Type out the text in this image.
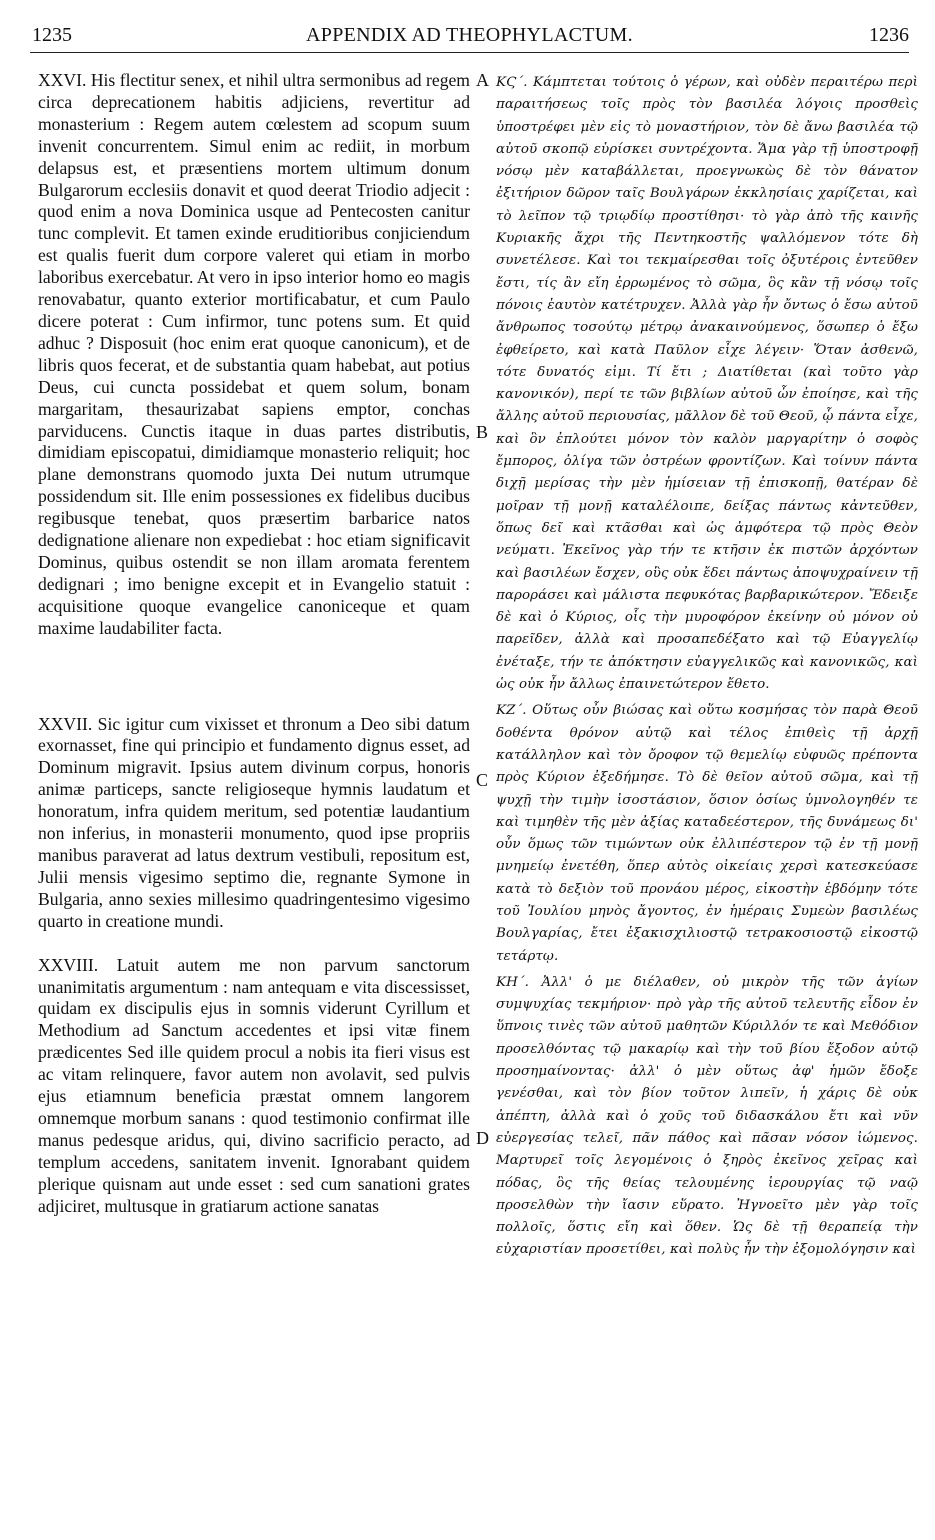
1235	APPENDIX AD THEOPHYLACTUM.	1236

XXVI. His flectitur senex, et nihil ultra sermonibus ad regem circa deprecationem habitis adjiciens, revertitur ad monasterium : Regem autem cœlestem ad scopum suum invenit concurrentem. Simul enim ac rediit, in morbum delapsus est, et præsentiens mortem ultimum donum Bulgarorum ecclesiis donavit et quod deerat Triodio adjecit : quod enim a nova Dominica usque ad Pentecosten canitur tunc complevit. Et tamen exinde eruditioribus conjiciendum est qualis fuerit dum corpore valeret qui etiam in morbo laboribus exercebatur. At vero in ipso interior homo eo magis renovabatur, quanto exterior mortificabatur, et cum Paulo dicere poterat : Cum infirmor, tunc potens sum. Et quid adhuc ? Disposuit (hoc enim erat quoque canonicum), et de libris quos fecerat, et de substantia quam habebat, aut potius Deus, cui cuncta possidebat et quem solum, bonam margaritam, thesaurizabat sapiens emptor, conchas parviducens. Cunctis itaque in duas partes distributis, dimidiam episcopatui, dimidiamque monasterio reliquit; hoc plane demonstrans quomodo juxta Dei nutum utrumque possidendum sit. Ille enim possessiones ex fidelibus ducibus regibusque tenebat, quos præsertim barbarice natos dedignatione alienare non expediebat : hoc etiam significavit Dominus, quibus ostendit se non illam aromata ferentem dedignari ; imo benigne excepit et in Evangelio statuit : acquisitione quoque evangelice canoniceque et quam maxime laudabiliter facta.

XXVII. Sic igitur cum vixisset et thronum a Deo sibi datum exornasset, fine qui principio et fundamento dignus esset, ad Dominum migravit. Ipsius autem divinum corpus, honoris animæ particeps, sancte religioseque hymnis laudatum et honoratum, infra quidem meritum, sed potentiæ laudantium non inferius, in monasterii monumento, quod ipse propriis manibus paraverat ad latus dextrum vestibuli, repositum est, Julii mensis vigesimo septimo die, regnante Symone in Bulgaria, anno sexies millesimo quadringentesimo vigesimo quarto in creatione mundi.

XXVIII. Latuit autem me non parvum sanctorum unanimitatis argumentum : nam antequam e vita discessisset, quidam ex discipulis ejus in somnis viderunt Cyrillum et Methodium ad Sanctum accedentes et ipsi vitæ finem prædicentes Sed ille quidem procul a nobis ita fieri visus est ac vitam relinquere, favor autem non avolavit, sed pulvis ejus etiamnum beneficia præstat omnem langorem omnemque morbum sanans : quod testimonio confirmat ille manus pedesque aridus, qui, divino sacrificio peracto, ad templum accedens, sanitatem invenit. Ignorabant quidem plerique quisnam aut unde esset : sed cum sanationi grates adjiciret, multusque in gratiarum actione sanatas

A
B
C
D

ΚϚ΄. Κάμπτεται τούτοις ὁ γέρων, καὶ οὐδὲν περαιτέρω περὶ παραιτήσεως τοῖς πρὸς τὸν βασιλέα λόγοις προσθεὶς ὑποστρέφει μὲν εἰς τὸ μοναστήριον, τὸν δὲ ἄνω βασιλέα τῷ αὐτοῦ σκοπῷ εὑρίσκει συντρέχοντα. Ἅμα γὰρ τῇ ὑποστροφῇ νόσῳ μὲν καταβάλλεται, προεγνωκὼς δὲ τὸν θάνατον ἐξιτήριον δῶρον ταῖς Βουλγάρων ἐκκλησίαις χαρίζεται, καὶ τὸ λεῖπον τῷ τριῳδίῳ προστίθησι· τὸ γὰρ ἀπὸ τῆς καινῆς Κυριακῆς ἄχρι τῆς Πεντηκοστῆς ψαλλόμενον τότε δὴ συνετέλεσε. Καὶ τοι τεκμαίρεσθαι τοῖς ὀξυτέροις ἐντεῦθεν ἔστι, τίς ἂν εἴη ἐρρωμένος τὸ σῶμα, ὃς κἂν τῇ νόσῳ τοῖς πόνοις ἑαυτὸν κατέτρυχεν. Ἀλλὰ γὰρ ἦν ὄντως ὁ ἔσω αὐτοῦ ἄνθρωπος τοσούτῳ μέτρῳ ἀνακαινούμενος, ὅσωπερ ὁ ἔξω ἐφθείρετο, καὶ κατὰ Παῦλον εἶχε λέγειν· Ὅταν ἀσθενῶ, τότε δυνατός εἰμι. Τί ἔτι ; Διατίθεται (καὶ τοῦτο γὰρ κανονικόν), περί τε τῶν βιβλίων αὐτοῦ ὧν ἐποίησε, καὶ τῆς ἄλλης αὐτοῦ περιουσίας, μᾶλλον δὲ τοῦ Θεοῦ, ᾧ πάντα εἶχε, καὶ ὃν ἐπλούτει μόνον τὸν καλὸν μαργαρίτην ὁ σοφὸς ἔμπορος, ὀλίγα τῶν ὀστρέων φροντίζων. Καὶ τοίνυν πάντα διχῇ μερίσας τὴν μὲν ἡμίσειαν τῇ ἐπισκοπῇ, θατέραν δὲ μοῖραν τῇ μονῇ καταλέλοιπε, δείξας πάντως κἀντεῦθεν, ὅπως δεῖ καὶ κτᾶσθαι καὶ ὡς ἀμφότερα τῷ πρὸς Θεὸν νεύματι. Ἐκεῖνος γὰρ τήν τε κτῆσιν ἐκ πιστῶν ἀρχόντων καὶ βασιλέων ἔσχεν, οὓς οὐκ ἔδει πάντως ἀποψυχραίνειν τῇ παροράσει καὶ μάλιστα πεφυκότας βαρβαρικώτερον. Ἔδειξε δὲ καὶ ὁ Κύριος, οἷς τὴν μυροφόρον ἐκείνην οὐ μόνον οὐ παρεῖδεν, ἀλλὰ καὶ προσαπεδέξατο καὶ τῷ Εὐαγγελίῳ ἐνέταξε, τήν τε ἀπόκτησιν εὐαγγελικῶς καὶ κανονικῶς, καὶ ὡς οὐκ ἦν ἄλλως ἐπαινετώτερον ἔθετο.

ΚΖ΄. Οὕτως οὖν βιώσας καὶ οὕτω κοσμήσας τὸν παρὰ Θεοῦ δοθέντα θρόνον αὐτῷ καὶ τέλος ἐπιθεὶς τῇ ἀρχῇ κατάλληλον καὶ τὸν ὄροφον τῷ θεμελίῳ εὐφυῶς πρέποντα πρὸς Κύριον ἐξεδήμησε. Τὸ δὲ θεῖον αὐτοῦ σῶμα, καὶ τῇ ψυχῇ τὴν τιμὴν ἰσοστάσιον, ὅσιον ὁσίως ὑμνολογηθέν τε καὶ τιμηθὲν τῆς μὲν ἀξίας καταδεέστερον, τῆς δυνάμεως δι' οὖν ὅμως τῶν τιμώντων οὐκ ἐλλιπέστερον τῷ ἐν τῇ μονῇ μνημείῳ ἐνετέθη, ὅπερ αὐτὸς οἰκείαις χερσὶ κατεσκεύασε κατὰ τὸ δεξιὸν τοῦ προνάου μέρος, εἰκοστὴν ἑβδόμην τότε τοῦ Ἰουλίου μηνὸς ἄγοντος, ἐν ἡμέραις Συμεὼν βασιλέως Βουλγαρίας, ἔτει ἑξακισχιλιοστῷ τετρακοσιοστῷ εἰκοστῷ τετάρτῳ.

ΚΗ΄. Ἀλλ' ὁ με διέλαθεν, οὐ μικρὸν τῆς τῶν ἁγίων συμψυχίας τεκμήριον· πρὸ γὰρ τῆς αὐτοῦ τελευτῆς εἶδον ἐν ὕπνοις τινὲς τῶν αὐτοῦ μαθητῶν Κύριλλόν τε καὶ Μεθόδιον προσελθόντας τῷ μακαρίῳ καὶ τὴν τοῦ βίου ἔξοδον αὐτῷ προσημαίνοντας· ἀλλ' ὁ μὲν οὕτως ἀφ' ἡμῶν ἔδοξε γενέσθαι, καὶ τὸν βίον τοῦτον λιπεῖν, ἡ χάρις δὲ οὐκ ἀπέπτη, ἀλλὰ καὶ ὁ χοῦς τοῦ διδασκάλου ἔτι καὶ νῦν εὐεργεσίας τελεῖ, πᾶν πάθος καὶ πᾶσαν νόσον ἰώμενος. Μαρτυρεῖ τοῖς λεγομένοις ὁ ξηρὸς ἐκεῖνος χεῖρας καὶ πόδας, ὃς τῆς θείας τελουμένης ἱερουργίας τῷ ναῷ προσελθὼν τὴν ἴασιν εὕρατο. Ἠγνοεῖτο μὲν γὰρ τοῖς πολλοῖς, ὅστις εἴη καὶ ὅθεν. Ὡς δὲ τῇ θεραπείᾳ τὴν εὐχαριστίαν προσετίθει, καὶ πολὺς ἦν τὴν ἐξομολόγησιν καὶ
